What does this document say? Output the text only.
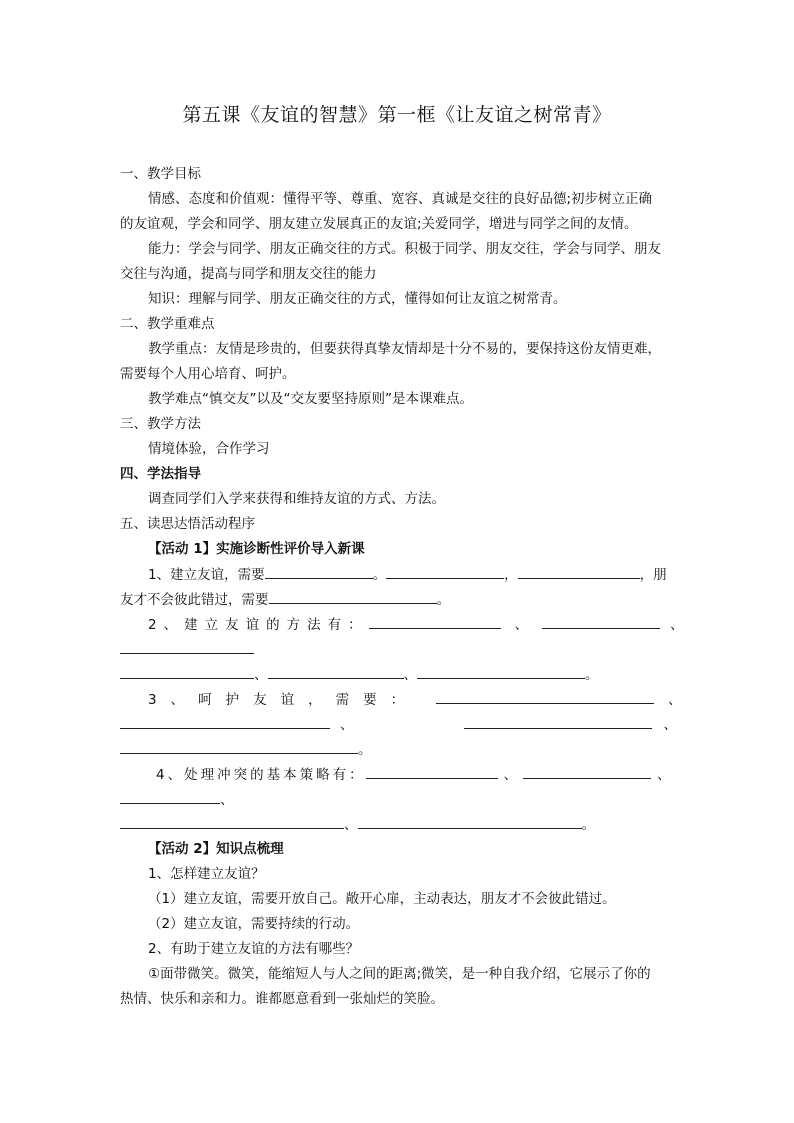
第五课《友谊的智慧》第一框《让友谊之树常青》
一、教学目标
情感、态度和价值观：懂得平等、尊重、宽容、真诚是交往的良好品德;初步树立正确
的友谊观，学会和同学、朋友建立发展真正的友谊;关爱同学，增进与同学之间的友情。
能力：学会与同学、朋友正确交往的方式。积极于同学、朋友交往，学会与同学、朋友
交往与沟通，提高与同学和朋友交往的能力
知识：理解与同学、朋友正确交往的方式，懂得如何让友谊之树常青。
二、教学重难点
教学重点：友情是珍贵的，但要获得真挚友情却是十分不易的，要保持这份友情更难，
需要每个人用心培育、呵护。
教学难点“慎交友”以及“交友要坚持原则”是本课难点。
三、教学方法
情境体验，合作学习
四、学法指导
调查同学们入学来获得和维持友谊的方式、方法。
五、读思达悟活动程序
【活动 1】实施诊断性评价导入新课
1、建立友谊，需要	。	，	，朋
友才不会彼此错过，需要	。
2、建立友谊的方法有：	、	、
、	、	。
3、呵护友谊，需要：	、
、	、
。
4、处理冲突的基本策略有：	、	、
、
、	。
【活动 2】知识点梳理
1、怎样建立友谊？
（1）建立友谊，需要开放自己。敞开心扉，主动表达，朋友才不会彼此错过。
（2）建立友谊，需要持续的行动。
2、有助于建立友谊的方法有哪些？
①面带微笑。微笑，能缩短人与人之间的距离;微笑，是一种自我介绍，它展示了你的
热情、快乐和亲和力。谁都愿意看到一张灿烂的笑脸。
